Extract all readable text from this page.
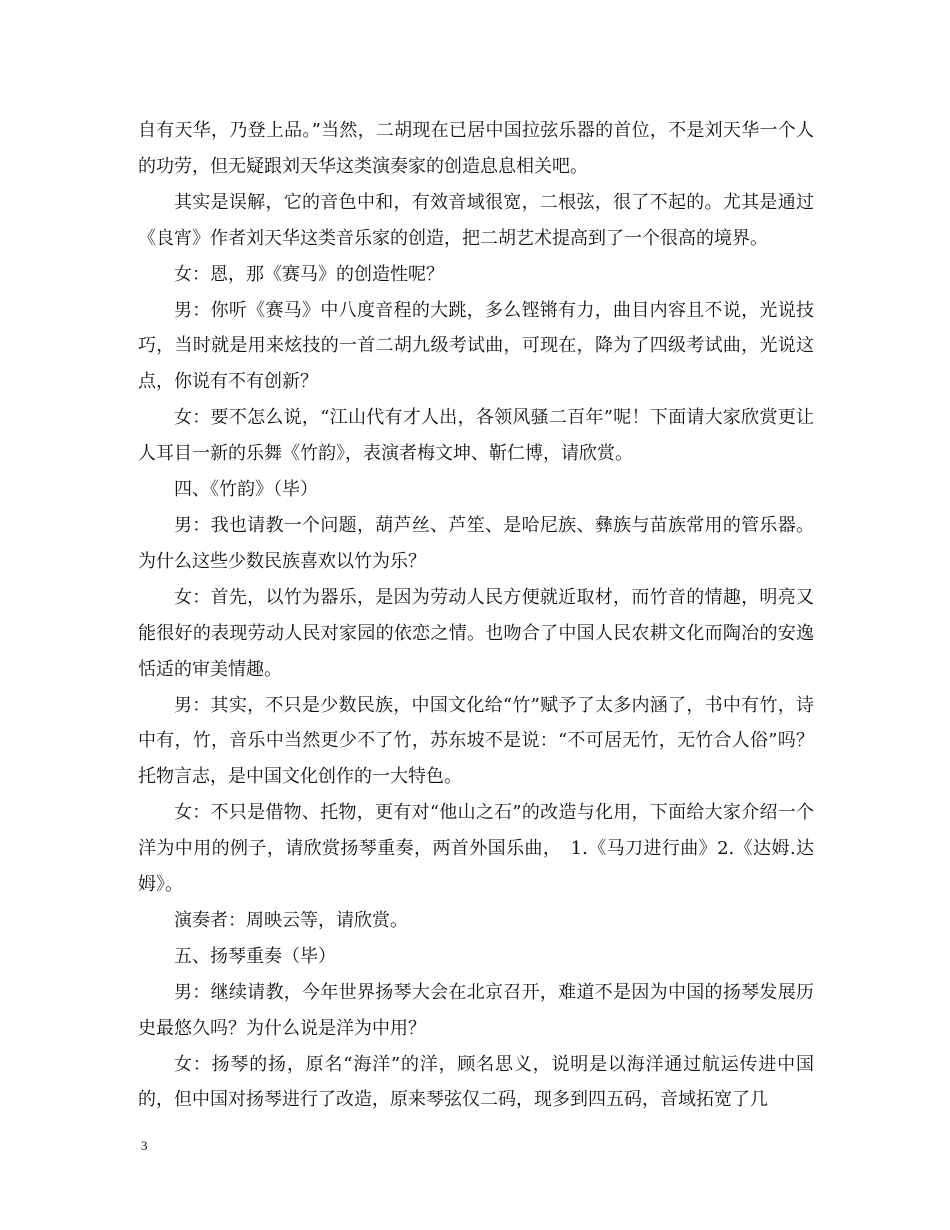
自有天华，乃登上品。”当然，二胡现在已居中国拉弦乐器的首位，不是刘天华一个人的功劳，但无疑跟刘天华这类演奏家的创造息息相关吧。

其实是误解，它的音色中和，有效音域很宽，二根弦，很了不起的。尤其是通过《良宵》作者刘天华这类音乐家的创造，把二胡艺术提高到了一个很高的境界。

女：恩，那《赛马》的创造性呢？

男：你听《赛马》中八度音程的大跳，多么铿锵有力，曲目内容且不说，光说技巧，当时就是用来炫技的一首二胡九级考试曲，可现在，降为了四级考试曲，光说这点，你说有不有创新？

女：要不怎么说，“江山代有才人出，各领风骚二百年”呢！下面请大家欣赏更让人耳目一新的乐舞《竹韵》，表演者梅文坤、靳仁博，请欣赏。

四、《竹韵》（毕）

男：我也请教一个问题，葫芦丝、芦笙、是哈尼族、彝族与苗族常用的管乐器。为什么这些少数民族喜欢以竹为乐？

女：首先，以竹为器乐，是因为劳动人民方便就近取材，而竹音的情趣，明亮又能很好的表现劳动人民对家园的依恋之情。也吻合了中国人民农耕文化而陶冶的安逸恬适的审美情趣。

男：其实，不只是少数民族，中国文化给“竹”赋予了太多内涵了，书中有竹，诗中有，竹，音乐中当然更少不了竹，苏东坡不是说：“不可居无竹，无竹合人俗”吗？托物言志，是中国文化创作的一大特色。

女：不只是借物、托物，更有对“他山之石”的改造与化用，下面给大家介绍一个洋为中用的例子，请欣赏扬琴重奏，两首外国乐曲，　1.《马刀进行曲》2.《达姆.达姆》。

演奏者：周映云等，请欣赏。

五、扬琴重奏（毕）

男：继续请教，今年世界扬琴大会在北京召开，难道不是因为中国的扬琴发展历史最悠久吗？为什么说是洋为中用？

女：扬琴的扬，原名“海洋”的洋，顾名思义，说明是以海洋通过航运传进中国的，但中国对扬琴进行了改造，原来琴弦仅二码，现多到四五码，音域拓宽了几

3
